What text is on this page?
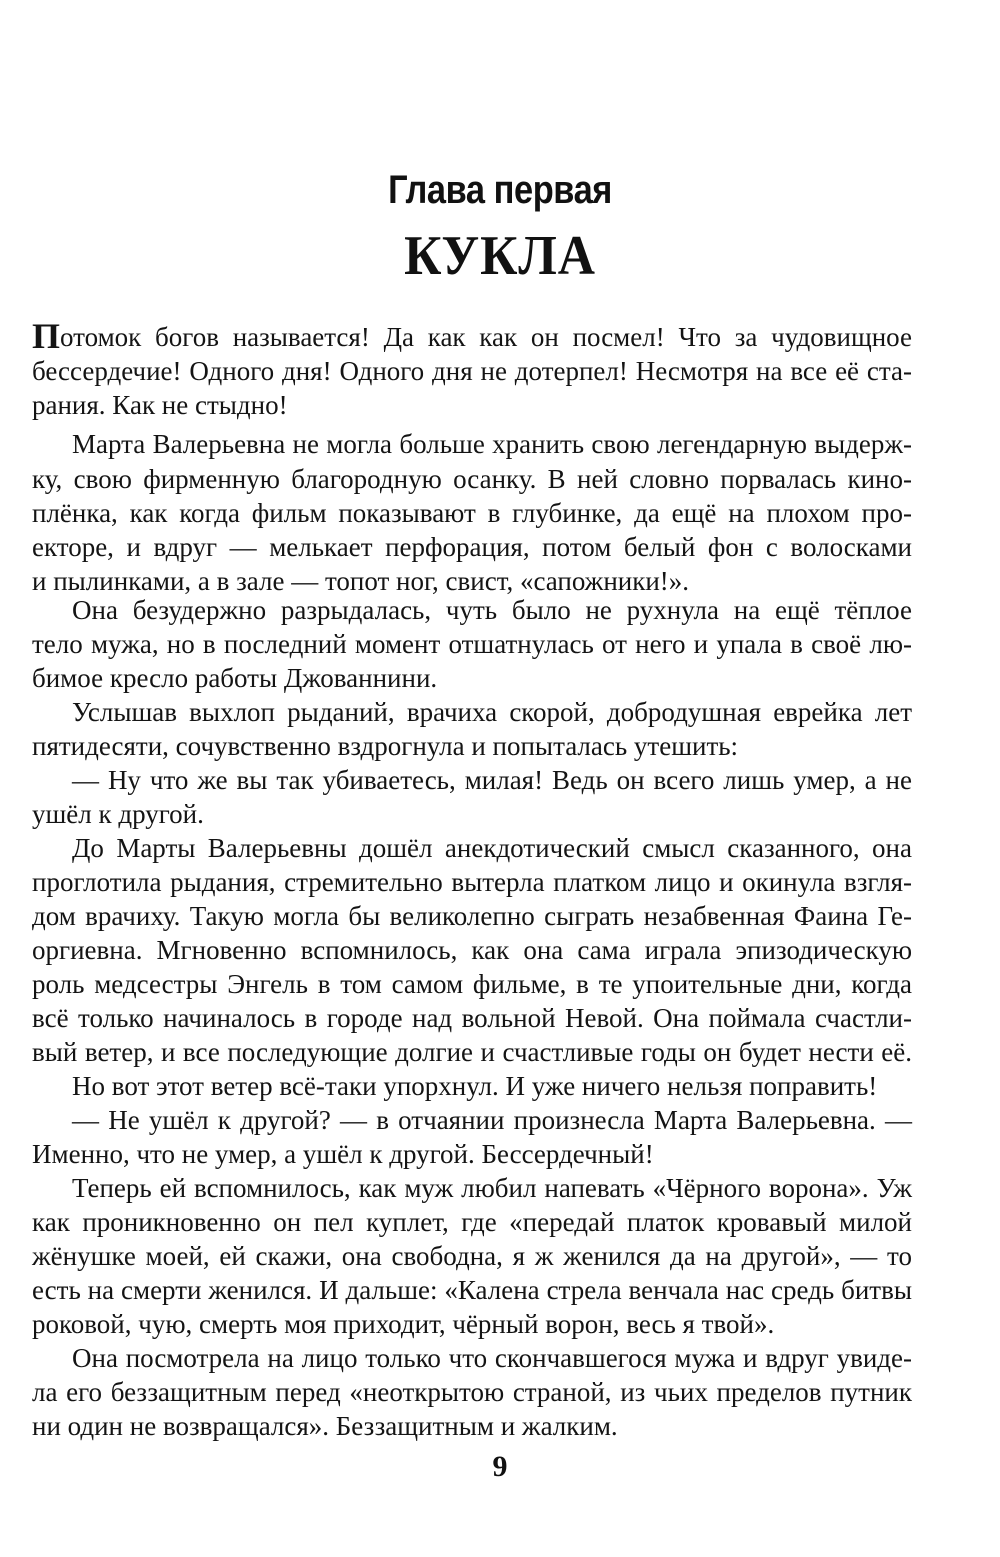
Глава первая
КУКЛА
Потомок богов называется! Да как как он посмел! Что за чудовищное
бессердечие! Одного дня! Одного дня не дотерпел! Несмотря на все её ста-
рания. Как не стыдно!
Марта Валерьевна не могла больше хранить свою легендарную выдерж-
ку, свою фирменную благородную осанку. В ней словно порвалась кино-
плёнка, как когда фильм показывают в глубинке, да ещё на плохом про-
екторе, и вдруг — мелькает перфорация, потом белый фон с волосками
и пылинками, а в зале — топот ног, свист, «сапожники!».
Она безудержно разрыдалась, чуть было не рухнула на ещё тёплое
тело мужа, но в последний момент отшатнулась от него и упала в своё лю-
бимое кресло работы Джованнини.
Услышав выхлоп рыданий, врачиха скорой, добродушная еврейка лет
пятидесяти, сочувственно вздрогнула и попыталась утешить:
— Ну что же вы так убиваетесь, милая! Ведь он всего лишь умер, а не
ушёл к другой.
До Марты Валерьевны дошёл анекдотический смысл сказанного, она
проглотила рыдания, стремительно вытерла платком лицо и окинула взгля-
дом врачиху. Такую могла бы великолепно сыграть незабвенная Фаина Ге-
оргиевна. Мгновенно вспомнилось, как она сама играла эпизодическую
роль медсестры Энгель в том самом фильме, в те упоительные дни, когда
всё только начиналось в городе над вольной Невой. Она поймала счастли-
вый ветер, и все последующие долгие и счастливые годы он будет нести её.
Но вот этот ветер всё-таки упорхнул. И уже ничего нельзя поправить!
— Не ушёл к другой? — в отчаянии произнесла Марта Валерьевна. —
Именно, что не умер, а ушёл к другой. Бессердечный!
Теперь ей вспомнилось, как муж любил напевать «Чёрного ворона». Уж
как проникновенно он пел куплет, где «передай платок кровавый милой
жёнушке моей, ей скажи, она свободна, я ж женился да на другой», — то
есть на смерти женился. И дальше: «Калена стрела венчала нас средь битвы
роковой, чую, смерть моя приходит, чёрный ворон, весь я твой».
Она посмотрела на лицо только что скончавшегося мужа и вдруг увиде-
ла его беззащитным перед «неоткрытою страной, из чьих пределов путник
ни один не возвращался». Беззащитным и жалким.
9
